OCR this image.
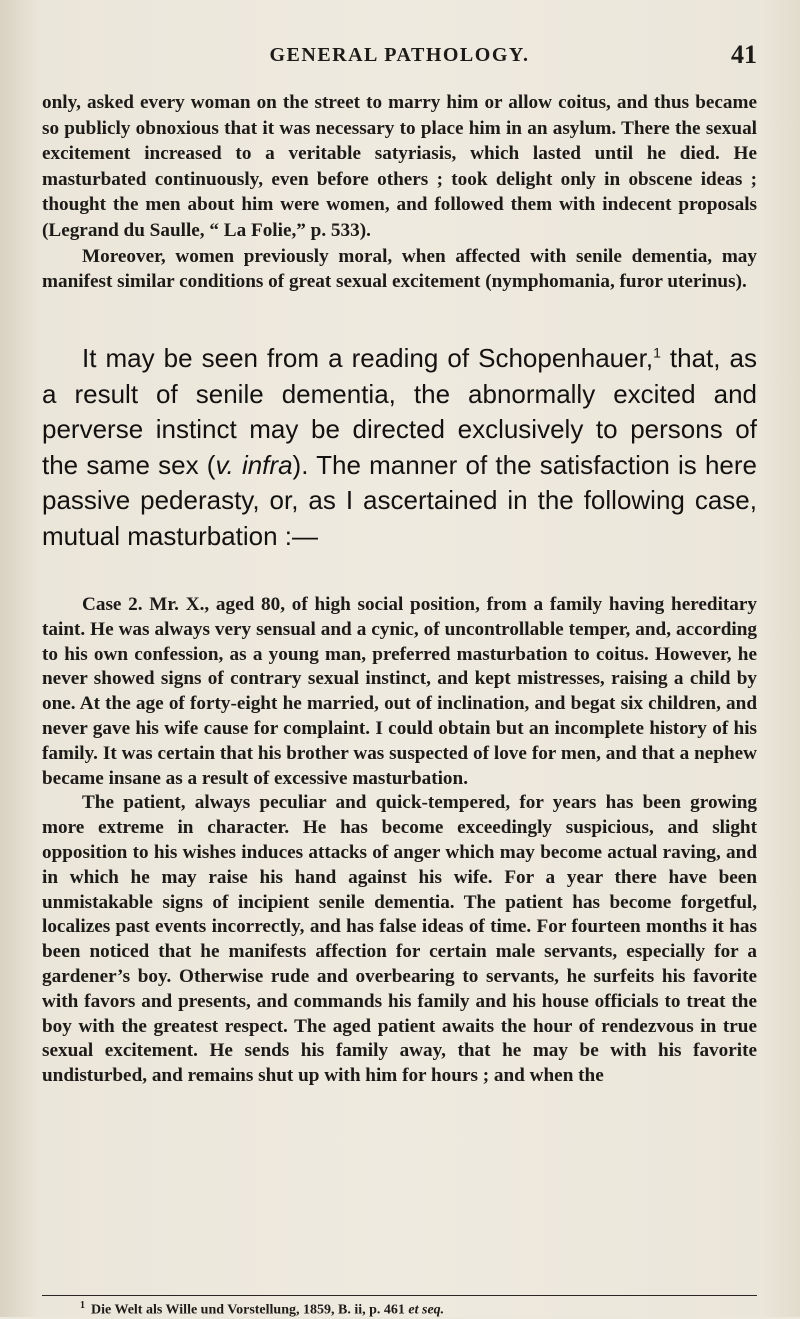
GENERAL PATHOLOGY.	41

only, asked every woman on the street to marry him or allow coitus, and thus became so publicly obnoxious that it was necessary to place him in an asylum. There the sexual excitement increased to a veritable satyriasis, which lasted until he died. He masturbated continuously, even before others ; took delight only in obscene ideas ; thought the men about him were women, and followed them with indecent proposals (Legrand du Saulle, “ La Folie,” p. 533).

Moreover, women previously moral, when affected with senile dementia, may manifest similar conditions of great sexual excitement (nymphomania, furor uterinus).

It may be seen from a reading of Schopenhauer,$^1$ that, as a result of senile dementia, the abnormally excited and perverse instinct may be directed exclusively to persons of the same sex (v. infra). The manner of the satisfaction is here passive pederasty, or, as I ascertained in the following case, mutual masturbation :—

Case 2. Mr. X., aged 80, of high social position, from a family having hereditary taint. He was always very sensual and a cynic, of uncontrollable temper, and, according to his own confession, as a young man, preferred masturbation to coitus. However, he never showed signs of contrary sexual instinct, and kept mistresses, raising a child by one. At the age of forty-eight he married, out of inclination, and begat six children, and never gave his wife cause for complaint. I could obtain but an incomplete history of his family. It was certain that his brother was suspected of love for men, and that a nephew became insane as a result of excessive masturbation.

The patient, always peculiar and quick-tempered, for years has been growing more extreme in character. He has become exceedingly suspicious, and slight opposition to his wishes induces attacks of anger which may become actual raving, and in which he may raise his hand against his wife. For a year there have been unmistakable signs of incipient senile dementia. The patient has become forgetful, localizes past events incorrectly, and has false ideas of time. For fourteen months it has been noticed that he manifests affection for certain male servants, especially for a gardener’s boy. Otherwise rude and overbearing to servants, he surfeits his favorite with favors and presents, and commands his family and his house officials to treat the boy with the greatest respect. The aged patient awaits the hour of rendezvous in true sexual excitement. He sends his family away, that he may be with his favorite undisturbed, and remains shut up with him for hours ; and when the

$^1$ Die Welt als Wille und Vorstellung, 1859, B. ii, p. 461 et seq.
